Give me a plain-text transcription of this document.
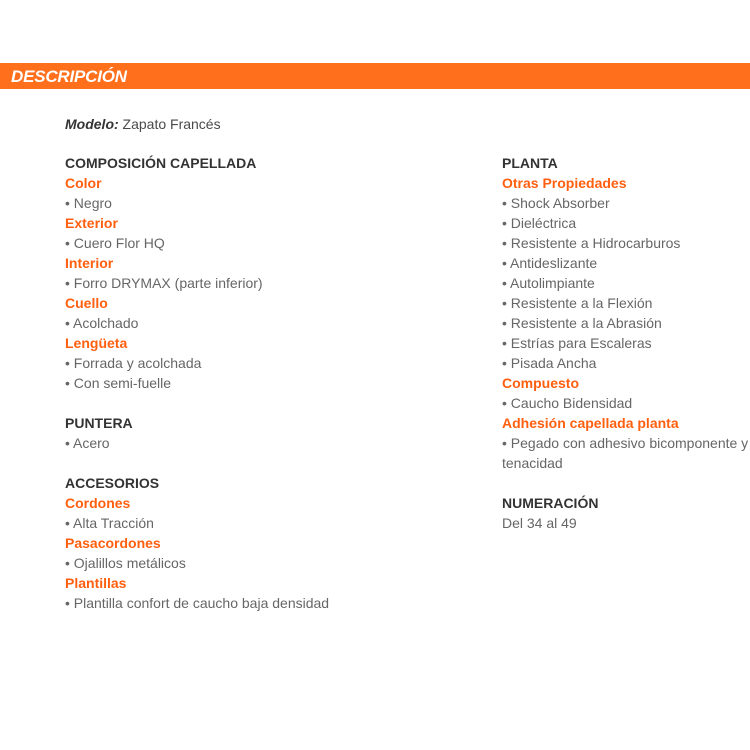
DESCRIPCIÓN
Modelo: Zapato Francés
COMPOSICIÓN CAPELLADA
Color
• Negro
Exterior
• Cuero Flor HQ
Interior
• Forro DRYMAX (parte inferior)
Cuello
• Acolchado
Lengüeta
• Forrada y acolchada
• Con semi-fuelle
PUNTERA
• Acero
ACCESORIOS
Cordones
• Alta Tracción
Pasacordones
• Ojalillos metálicos
Plantillas
• Plantilla confort de caucho baja densidad
PLANTA
Otras Propiedades
• Shock Absorber
• Dieléctrica
• Resistente a Hidrocarburos
• Antideslizante
• Autolimpiante
• Resistente a la Flexión
• Resistente a la Abrasión
• Estrías para Escaleras
• Pisada Ancha
Compuesto
• Caucho Bidensidad
Adhesión capellada planta
• Pegado con adhesivo bicomponente y
tenacidad
NUMERACIÓN
Del 34 al 49
